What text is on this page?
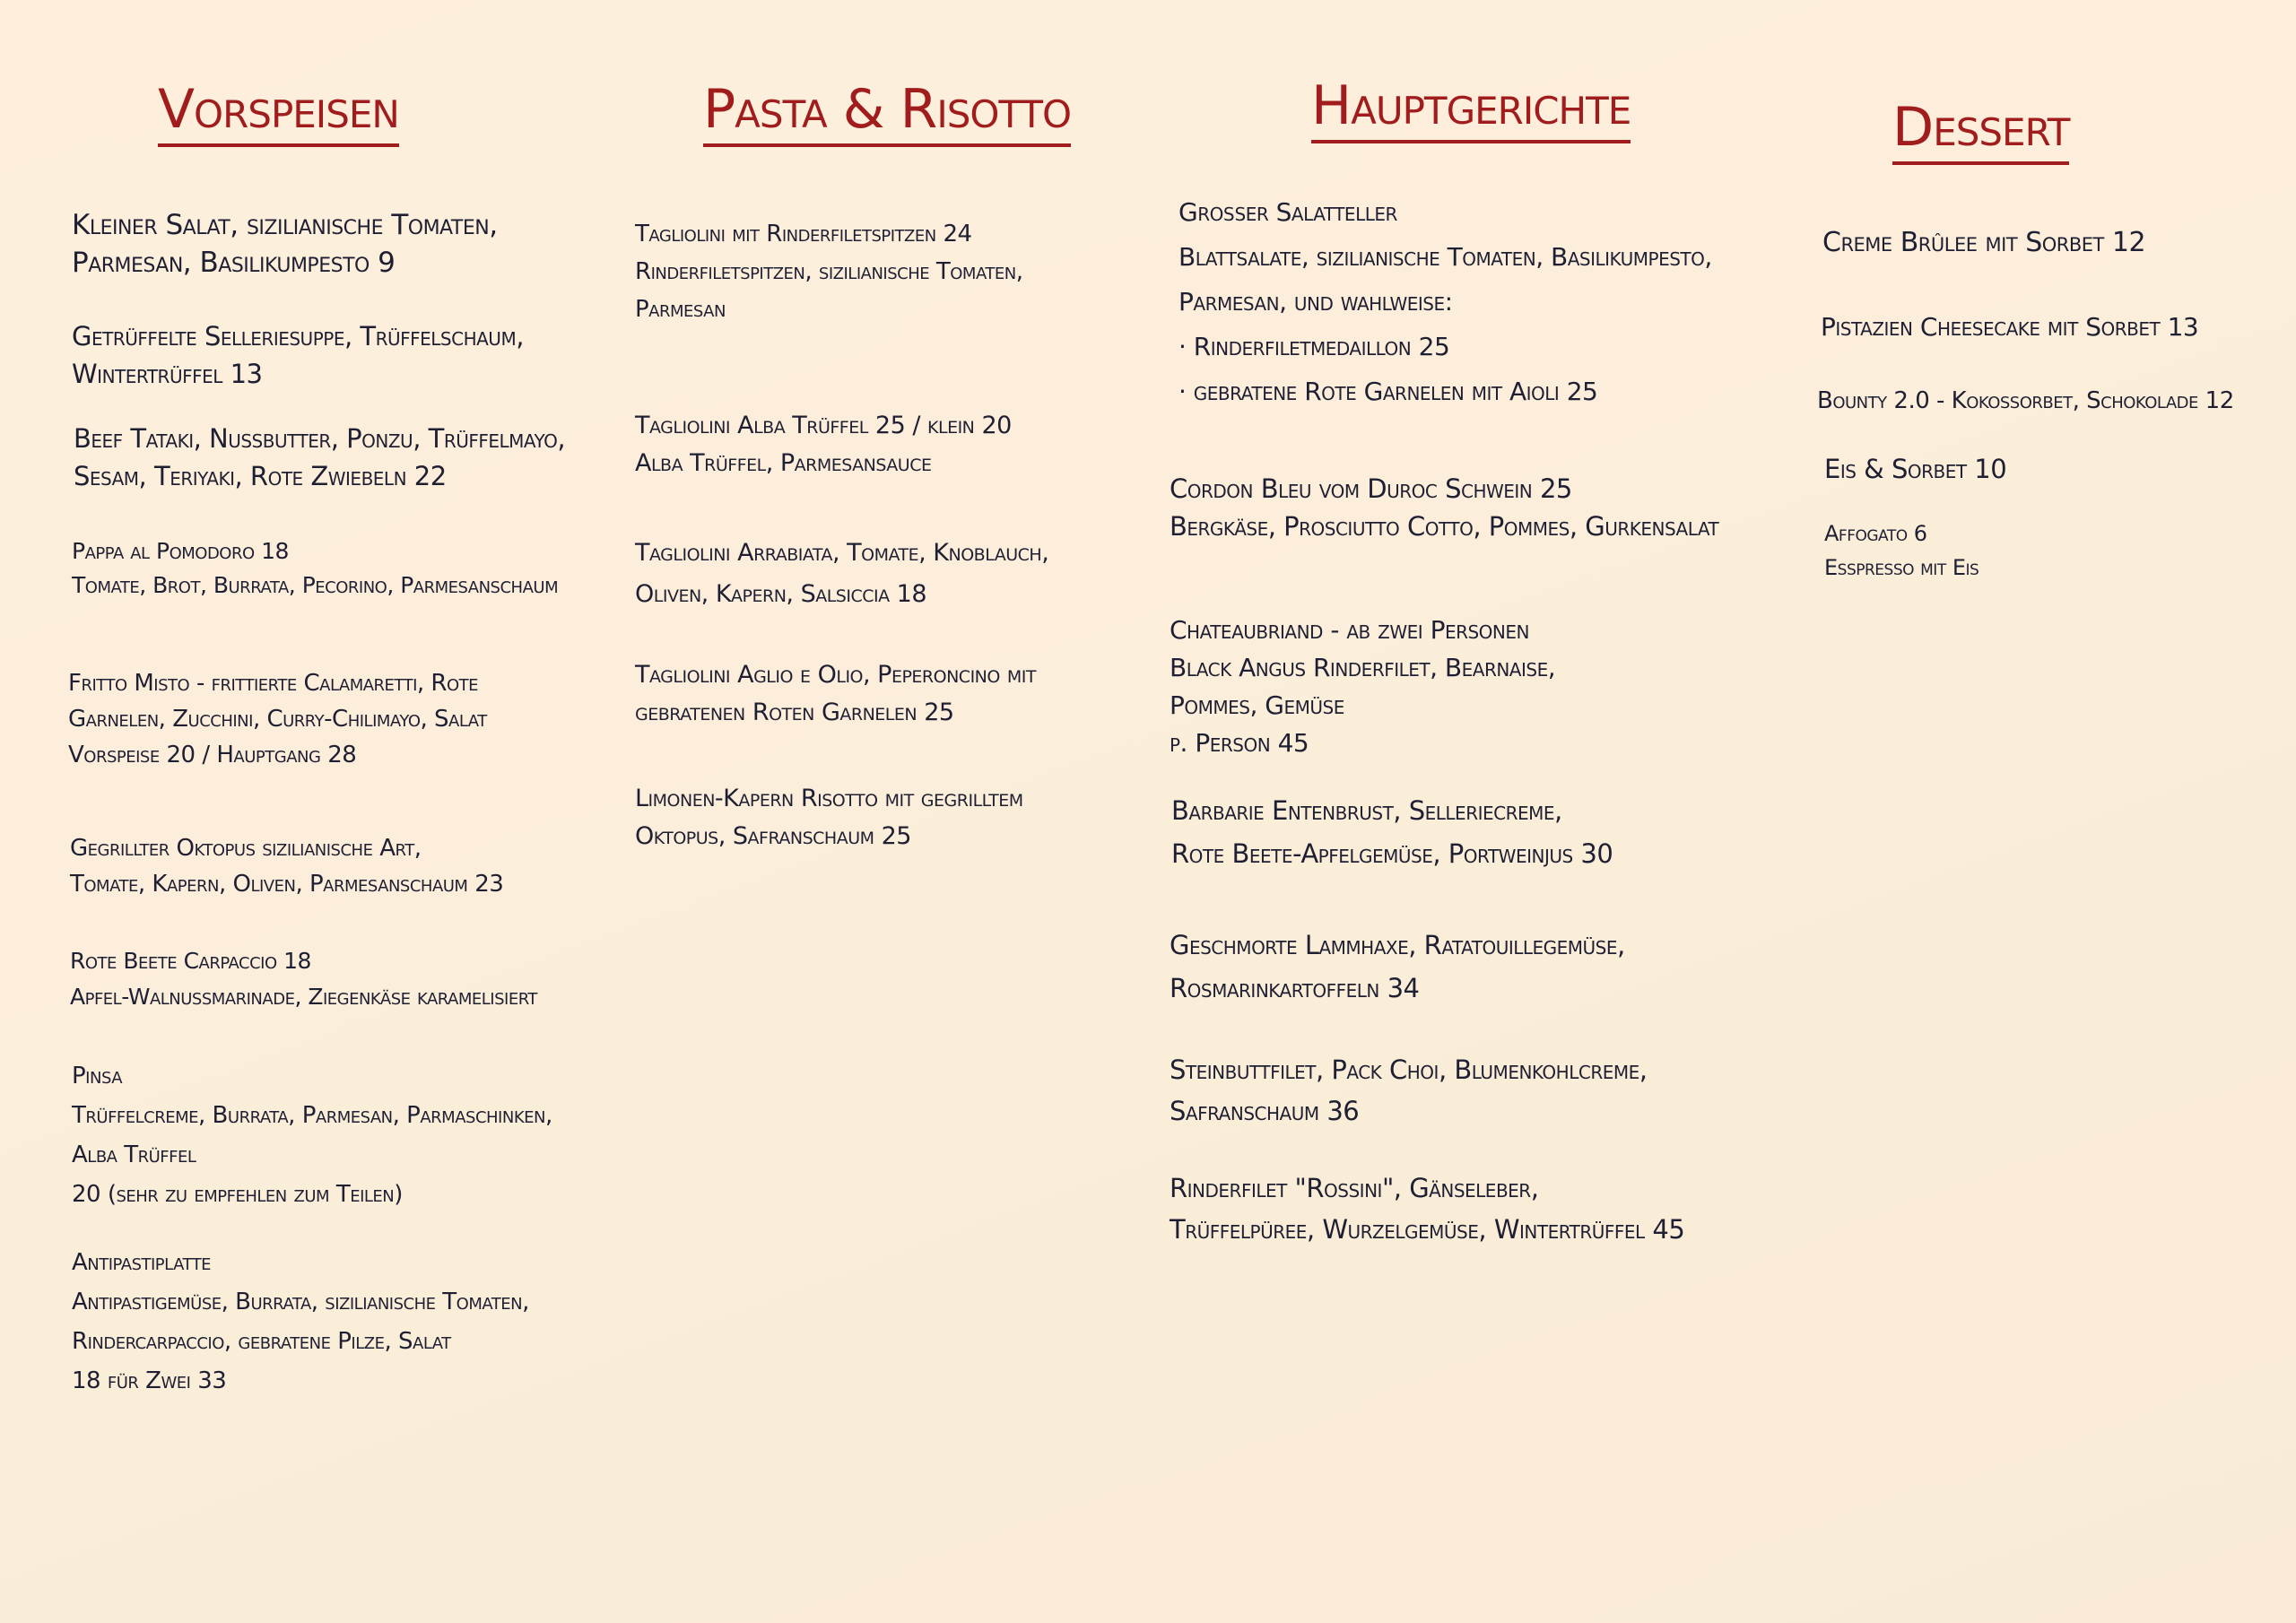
Vorspeisen	Pasta & Risotto	Hauptgerichte	Dessert
Kleiner Salat, sizilianische Tomaten,
Parmesan, Basilikumpesto 9
Getrüffelte Selleriesuppe, Trüffelschaum,
Wintertrüffel 13
Beef Tataki, Nussbutter, Ponzu, Trüffelmayo,
Sesam, Teriyaki, Rote Zwiebeln 22
Pappa al Pomodoro 18
Tomate, Brot, Burrata, Pecorino, Parmesanschaum
Fritto Misto - frittierte Calamaretti, Rote
Garnelen, Zucchini, Curry-Chilimayo, Salat
Vorspeise 20 / Hauptgang 28
Gegrillter Oktopus sizilianische Art,
Tomate, Kapern, Oliven, Parmesanschaum 23
Rote Beete Carpaccio 18
Apfel-Walnussmarinade, Ziegenkäse karamelisiert
Pinsa
Trüffelcreme, Burrata, Parmesan, Parmaschinken,
Alba Trüffel
20 (sehr zu empfehlen zum Teilen)
Antipastiplatte
Antipastigemüse, Burrata, sizilianische Tomaten,
Rindercarpaccio, gebratene Pilze, Salat
18 für Zwei 33
Tagliolini mit Rinderfiletspitzen 24
Rinderfiletspitzen, sizilianische Tomaten,
Parmesan
Tagliolini Alba Trüffel 25 / klein 20
Alba Trüffel, Parmesansauce
Tagliolini Arrabiata, Tomate, Knoblauch,
Oliven, Kapern, Salsiccia 18
Tagliolini Aglio e Olio, Peperoncino mit
gebratenen Roten Garnelen 25
Limonen-Kapern Risotto mit gegrilltem
Oktopus, Safranschaum 25
Großer Salatteller
Blattsalate, sizilianische Tomaten, Basilikumpesto,
Parmesan, und wahlweise:
· Rinderfiletmedaillon 25
· gebratene Rote Garnelen mit Aioli 25
Cordon Bleu vom Duroc Schwein 25
Bergkäse, Prosciutto Cotto, Pommes, Gurkensalat
Chateaubriand - ab zwei Personen
Black Angus Rinderfilet, Bearnaise,
Pommes, Gemüse
p. Person 45
Barbarie Entenbrust, Selleriecreme,
Rote Beete-Apfelgemüse, Portweinjus 30
Geschmorte Lammhaxe, Ratatouillegemüse,
Rosmarinkartoffeln 34
Steinbuttfilet, Pack Choi, Blumenkohlcreme,
Safranschaum 36
Rinderfilet "Rossini", Gänseleber,
Trüffelpüree, Wurzelgemüse, Wintertrüffel 45
Creme Brûlee mit Sorbet 12
Pistazien Cheesecake mit Sorbet 13
Bounty 2.0 - Kokossorbet, Schokolade 12
Eis & Sorbet 10
Affogato 6
Esspresso mit Eis
